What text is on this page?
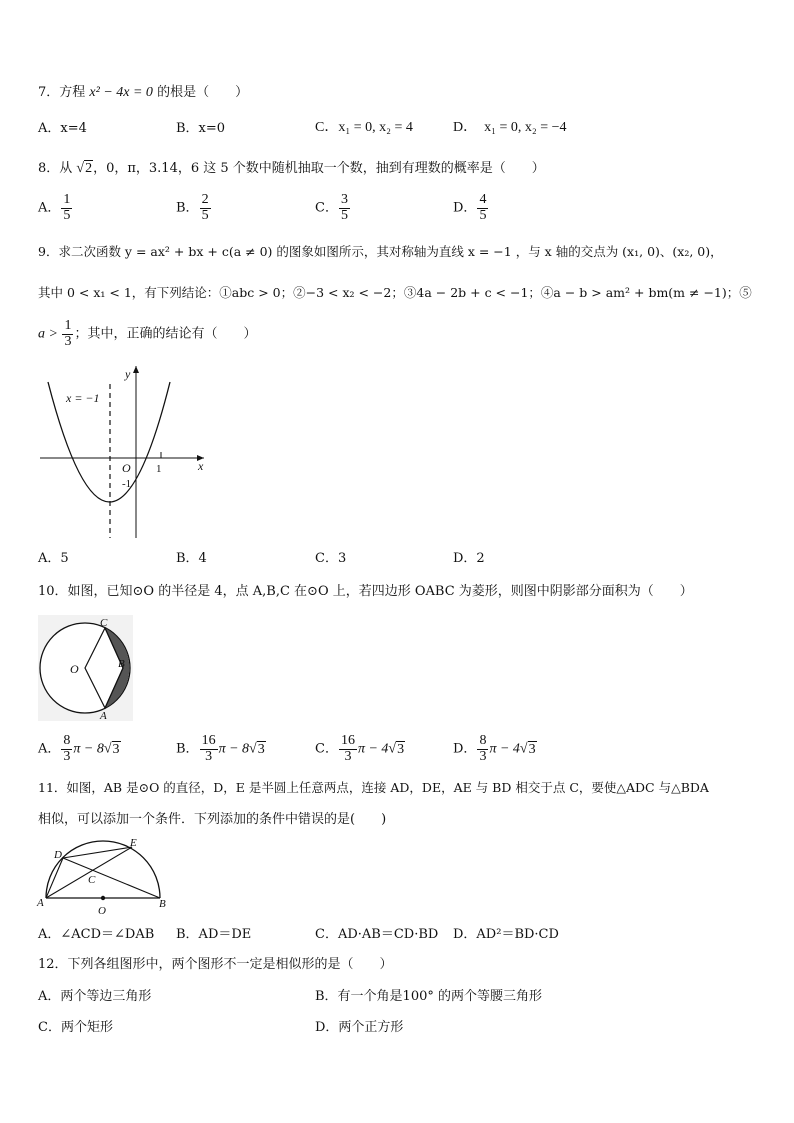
7．方程 x² − 4x = 0 的根是（　　）
A．x=4	B．x=0	C．x₁ = 0, x₂ = 4	D．　x₁ = 0, x₂ = −4
8．从 √2，0，π，3.14，6 这 5 个数中随机抽取一个数，抽到有理数的概率是（　　）
A． $\frac{1}{5}$	B． $\frac{2}{5}$	C． $\frac{3}{5}$	D． $\frac{4}{5}$
9．求二次函数 y = ax² + bx + c(a ≠ 0) 的图象如图所示，其对称轴为直线 x = −1 ，与 x 轴的交点为 (x₁, 0)、(x₂, 0)，
其中 0 < x₁ < 1，有下列结论：①abc > 0；②−3 < x₂ < −2；③4a − 2b + c < −1；④a − b > am² + bm(m ≠ −1)；⑤
$a > \frac{1}{3}$ ；其中，正确的结论有（　　）
x
y
O 1
-1
x = −1
A．5	B．4	C．3	D．2
10．如图，已知⊙O 的半径是 4，点 A,B,C 在⊙O 上，若四边形 OABC 为菱形，则图中阴影部分面积为（　　）
O
C
B
A
A． $\frac{8}{3}$ π − 8√3	B． $\frac{16}{3}$ π − 8√3	C． $\frac{16}{3}$ π − 4√3	D． $\frac{8}{3}$ π − 4√3
11．如图，AB 是⊙O 的直径，D，E 是半圆上任意两点，连接 AD，DE，AE 与 BD 相交于点 C，要使△ADC 与△BDA
相似，可以添加一个条件．下列添加的条件中错误的是(　　)
A	B
D
E
C
O
A．∠ACD＝∠DAB B．AD＝DE	C．AD·AB＝CD·BD D．AD²＝BD·CD
12．下列各组图形中，两个图形不一定是相似形的是（　　）
A．两个等边三角形	B．有一个角是100° 的两个等腰三角形
C．两个矩形	D．两个正方形
